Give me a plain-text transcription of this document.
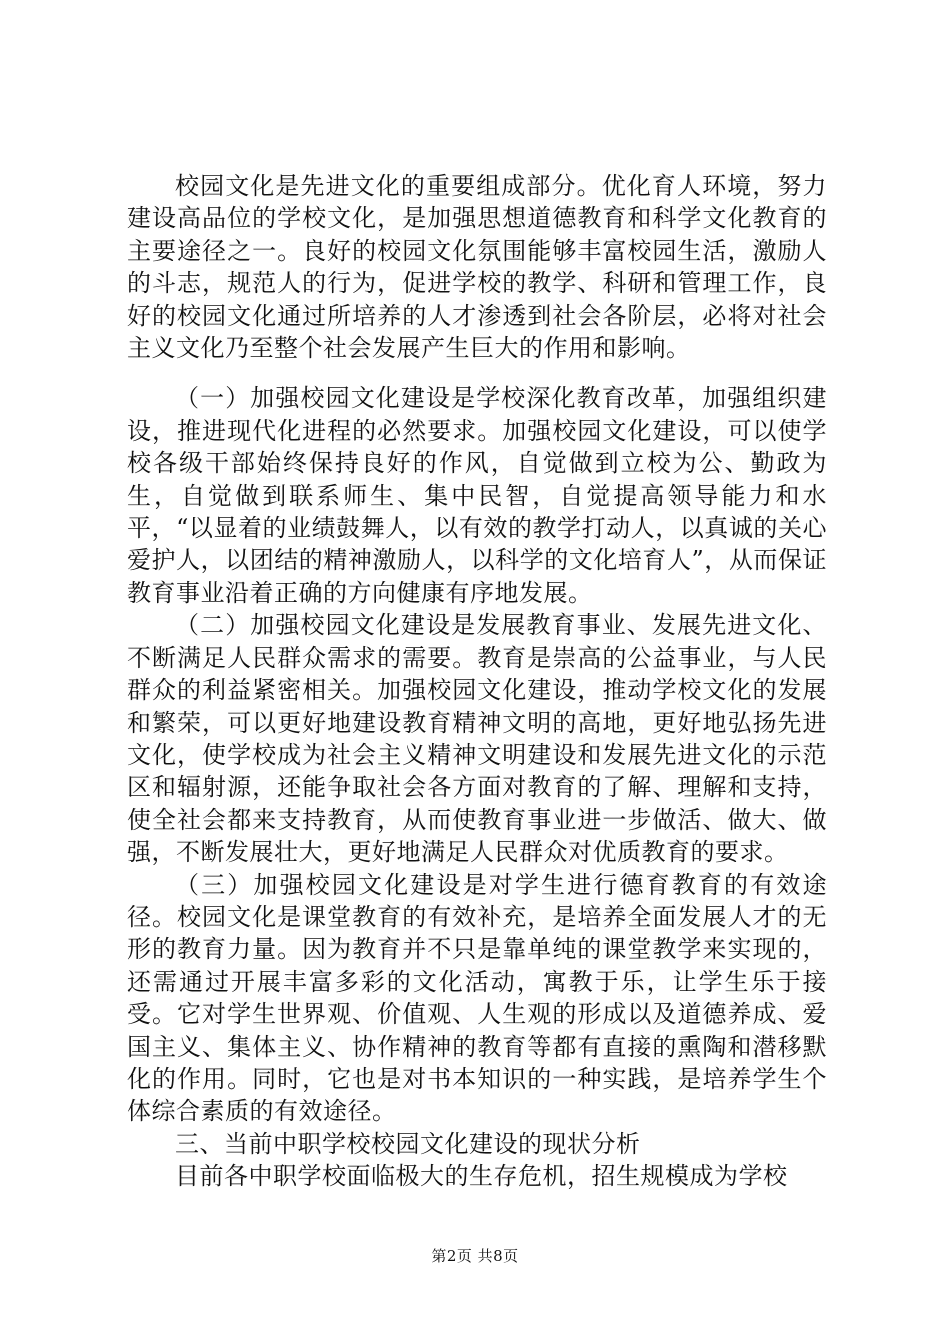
校园文化是先进文化的重要组成部分。优化育人环境，努力建设高品位的学校文化，是加强思想道德教育和科学文化教育的主要途径之一。良好的校园文化氛围能够丰富校园生活，激励人的斗志，规范人的行为，促进学校的教学、科研和管理工作，良好的校园文化通过所培养的人才渗透到社会各阶层，必将对社会主义文化乃至整个社会发展产生巨大的作用和影响。

（一）加强校园文化建设是学校深化教育改革，加强组织建设，推进现代化进程的必然要求。加强校园文化建设，可以使学校各级干部始终保持良好的作风，自觉做到立校为公、勤政为生，自觉做到联系师生、集中民智，自觉提高领导能力和水平，“以显着的业绩鼓舞人，以有效的教学打动人，以真诚的关心爱护人，以团结的精神激励人，以科学的文化培育人”，从而保证教育事业沿着正确的方向健康有序地发展。

（二）加强校园文化建设是发展教育事业、发展先进文化、不断满足人民群众需求的需要。教育是崇高的公益事业，与人民群众的利益紧密相关。加强校园文化建设，推动学校文化的发展和繁荣，可以更好地建设教育精神文明的高地，更好地弘扬先进文化，使学校成为社会主义精神文明建设和发展先进文化的示范区和辐射源，还能争取社会各方面对教育的了解、理解和支持，使全社会都来支持教育，从而使教育事业进一步做活、做大、做强，不断发展壮大，更好地满足人民群众对优质教育的要求。

（三）加强校园文化建设是对学生进行德育教育的有效途径。校园文化是课堂教育的有效补充，是培养全面发展人才的无形的教育力量。因为教育并不只是靠单纯的课堂教学来实现的，还需通过开展丰富多彩的文化活动，寓教于乐，让学生乐于接受。它对学生世界观、价值观、人生观的形成以及道德养成、爱国主义、集体主义、协作精神的教育等都有直接的熏陶和潜移默化的作用。同时，它也是对书本知识的一种实践，是培养学生个体综合素质的有效途径。

三、当前中职学校校园文化建设的现状分析

目前各中职学校面临极大的生存危机，招生规模成为学校

第2页 共8页
